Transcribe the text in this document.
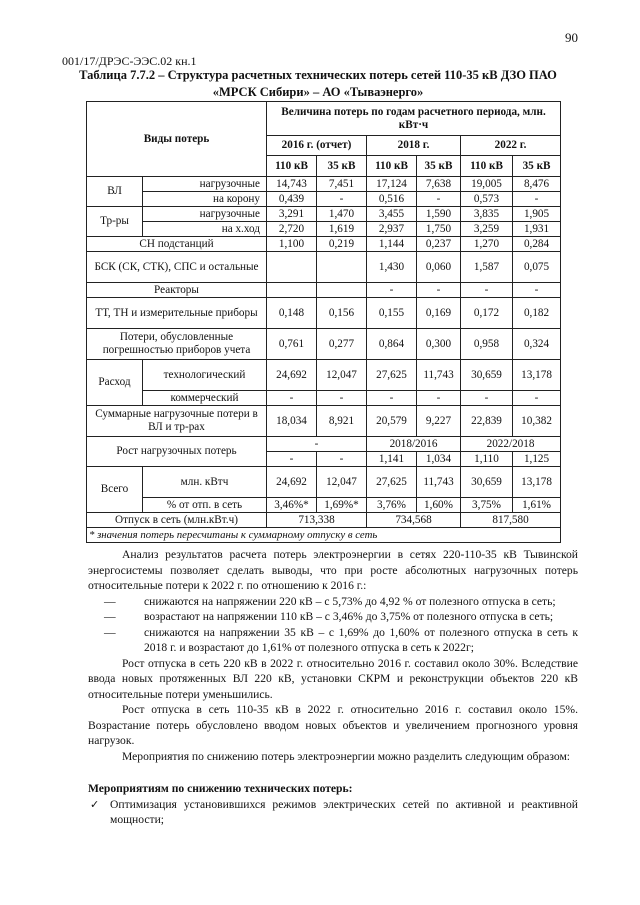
90
001/17/ДРЭС-ЭЭС.02 кн.1
Таблица 7.7.2 – Структура расчетных технических потерь сетей 110-35 кВ ДЗО ПАО
«МРСК Сибири» – АО «Тываэнерго»
Виды потерь		Величина потерь по годам расчетного периода, млн. кВт·ч					
		2016 г. (отчет)		2018 г.		2022 г.	
		110 кВ	35 кВ	110 кВ	35 кВ	110 кВ	35 кВ
ВЛ	нагрузочные	14,743	7,451	17,124	7,638	19,005	8,476
	на корону	0,439	-	0,516	-	0,573	-
Тр-ры	нагрузочные	3,291	1,470	3,455	1,590	3,835	1,905
	на х.ход	2,720	1,619	2,937	1,750	3,259	1,931
СН подстанций		1,100	0,219	1,144	0,237	1,270	0,284
БСК (СК, СТК), СПС и остальные				1,430	0,060	1,587	0,075
Реакторы				-	-	-	-
ТТ, ТН и измерительные приборы		0,148	0,156	0,155	0,169	0,172	0,182
Потери, обусловленные погрешностью приборов учета		0,761	0,277	0,864	0,300	0,958	0,324
Расход	технологический	24,692	12,047	27,625	11,743	30,659	13,178
	коммерческий	-	-	-	-	-	-
Суммарные нагрузочные потери в ВЛ и тр-рах		18,034	8,921	20,579	9,227	22,839	10,382
Рост нагрузочных потерь		-		2018/2016		2022/2018	
		-	-	1,141	1,034	1,110	1,125
Всего	млн. кВтч	24,692	12,047	27,625	11,743	30,659	13,178
	% от отп. в сеть	3,46%*	1,69%*	3,76%	1,60%	3,75%	1,61%
Отпуск в сеть (млн.кВт.ч)		713,338		734,568		817,580	
* значения потерь пересчитаны к суммарному отпуску в сеть							

Анализ результатов расчета потерь электроэнергии в сетях 220-110-35 кВ Тывинской энергосистемы позволяет сделать выводы, что при росте абсолютных нагрузочных потерь относительные потери к 2022 г. по отношению к 2016 г.:

— снижаются на напряжении 220 кВ – с 5,73% до 4,92 % от полезного отпуска в сеть;

— возрастают на напряжении 110 кВ – с 3,46% до 3,75% от полезного отпуска в сеть;

— снижаются на напряжении 35 кВ – с 1,69% до 1,60% от полезного отпуска в сеть к 2018 г. и возрастают до 1,61% от полезного отпуска в сеть к 2022г;

Рост отпуска в сеть 220 кВ в 2022 г. относительно 2016 г. составил около 30%. Вследствие ввода новых протяженных ВЛ 220 кВ, установки СКРМ и реконструкции объектов 220 кВ относительные потери уменьшились.

Рост отпуска в сеть 110-35 кВ в 2022 г. относительно 2016 г. составил около 15%. Возрастание потерь обусловлено вводом новых объектов и увеличением прогнозного уровня нагрузок.

Мероприятия по снижению потерь электроэнергии можно разделить следующим образом:

Мероприятиям по снижению технических потерь:

✓ Оптимизация установившихся режимов электрических сетей по активной и реактивной мощности;
